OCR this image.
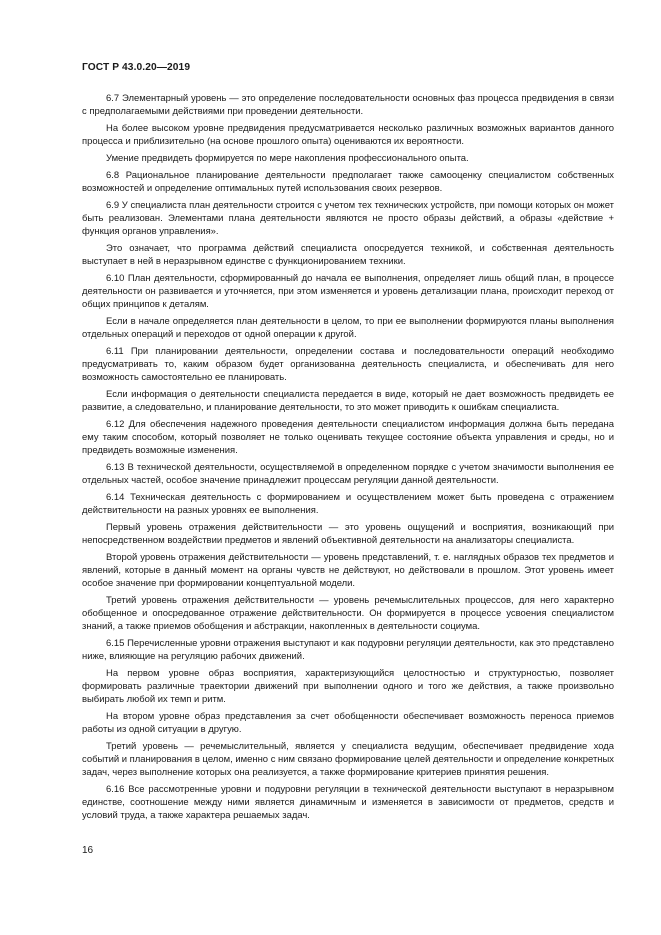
ГОСТ Р 43.0.20—2019

6.7 Элементарный уровень — это определение последовательности основных фаз процесса предвидения в связи с предполагаемыми действиями при проведении деятельности.

На более высоком уровне предвидения предусматривается несколько различных возможных вариантов данного процесса и приблизительно (на основе прошлого опыта) оцениваются их вероятности.

Умение предвидеть формируется по мере накопления профессионального опыта.

6.8 Рациональное планирование деятельности предполагает также самооценку специалистом собственных возможностей и определение оптимальных путей использования своих резервов.

6.9 У специалиста план деятельности строится с учетом тех технических устройств, при помощи которых он может быть реализован. Элементами плана деятельности являются не просто образы действий, а образы «действие + функция органов управления».

Это означает, что программа действий специалиста опосредуется техникой, и собственная деятельность выступает в ней в неразрывном единстве с функционированием техники.

6.10 План деятельности, сформированный до начала ее выполнения, определяет лишь общий план, в процессе деятельности он развивается и уточняется, при этом изменяется и уровень детализации плана, происходит переход от общих принципов к деталям.

Если в начале определяется план деятельности в целом, то при ее выполнении формируются планы выполнения отдельных операций и переходов от одной операции к другой.

6.11 При планировании деятельности, определении состава и последовательности операций необходимо предусматривать то, каким образом будет организованна деятельность специалиста, и обеспечивать для него возможность самостоятельно ее планировать.

Если информация о деятельности специалиста передается в виде, который не дает возможность предвидеть ее развитие, а следовательно, и планирование деятельности, то это может приводить к ошибкам специалиста.

6.12 Для обеспечения надежного проведения деятельности специалистом информация должна быть передана ему таким способом, который позволяет не только оценивать текущее состояние объекта управления и среды, но и предвидеть возможные изменения.

6.13 В технической деятельности, осуществляемой в определенном порядке с учетом значимости выполнения ее отдельных частей, особое значение принадлежит процессам регуляции данной деятельности.

6.14 Техническая деятельность с формированием и осуществлением может быть проведена с отражением действительности на разных уровнях ее выполнения.

Первый уровень отражения действительности — это уровень ощущений и восприятия, возникающий при непосредственном воздействии предметов и явлений объективной деятельности на анализаторы специалиста.

Второй уровень отражения действительности — уровень представлений, т. е. наглядных образов тех предметов и явлений, которые в данный момент на органы чувств не действуют, но действовали в прошлом. Этот уровень имеет особое значение при формировании концептуальной модели.

Третий уровень отражения действительности — уровень речемыслительных процессов, для него характерно обобщенное и опосредованное отражение действительности. Он формируется в процессе усвоения специалистом знаний, а также приемов обобщения и абстракции, накопленных в деятельности социума.

6.15 Перечисленные уровни отражения выступают и как подуровни регуляции деятельности, как это представлено ниже, влияющие на регуляцию рабочих движений.

На первом уровне образ восприятия, характеризующийся целостностью и структурностью, позволяет формировать различные траектории движений при выполнении одного и того же действия, а также произвольно выбирать любой их темп и ритм.

На втором уровне образ представления за счет обобщенности обеспечивает возможность переноса приемов работы из одной ситуации в другую.

Третий уровень — речемыслительный, является у специалиста ведущим, обеспечивает предвидение хода событий и планирования в целом, именно с ним связано формирование целей деятельности и определение конкретных задач, через выполнение которых она реализуется, а также формирование критериев принятия решения.

6.16 Все рассмотренные уровни и подуровни регуляции в технической деятельности выступают в неразрывном единстве, соотношение между ними является динамичным и изменяется в зависимости от предметов, средств и условий труда, а также характера решаемых задач.

16
